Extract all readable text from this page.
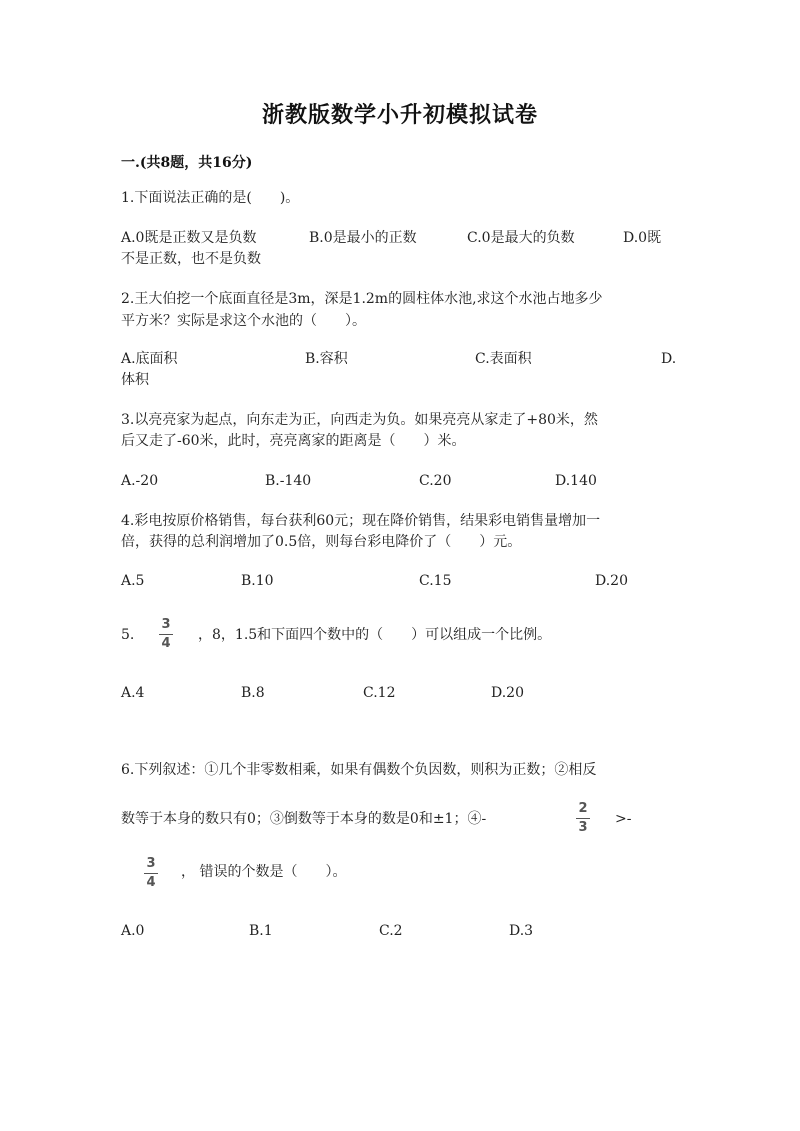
浙教版数学小升初模拟试卷
一.(共8题，共16分)
1.下面说法正确的是(　　)。
A.0既是正数又是负数	B.0是最小的正数	C.0是最大的负数	D.0既
不是正数，也不是负数
2.王大伯挖一个底面直径是3m，深是1.2m的圆柱体水池,求这个水池占地多少
平方米？实际是求这个水池的（　　）。
A.底面积	B.容积	C.表面积	D.
体积
3.以亮亮家为起点，向东走为正，向西走为负。如果亮亮从家走了+80米，然
后又走了-60米，此时，亮亮离家的距离是（　　）米。
A.-20	B.-140	C.20	D.140
4.彩电按原价格销售，每台获利60元；现在降价销售，结果彩电销售量增加一
倍，获得的总利润增加了0.5倍，则每台彩电降价了（　　）元。
A.5	B.10	C.15	D.20
5.
3
4
，8，1.5和下面四个数中的（　　）可以组成一个比例。
A.4	B.8	C.12	D.20
6.下列叙述：①几个非零数相乘，如果有偶数个负因数，则积为正数；②相反
数等于本身的数只有0；③倒数等于本身的数是0和±1；④-
2
3
>-
3
4
， 错误的个数是（　　）。
A.0	B.1	C.2	D.3
